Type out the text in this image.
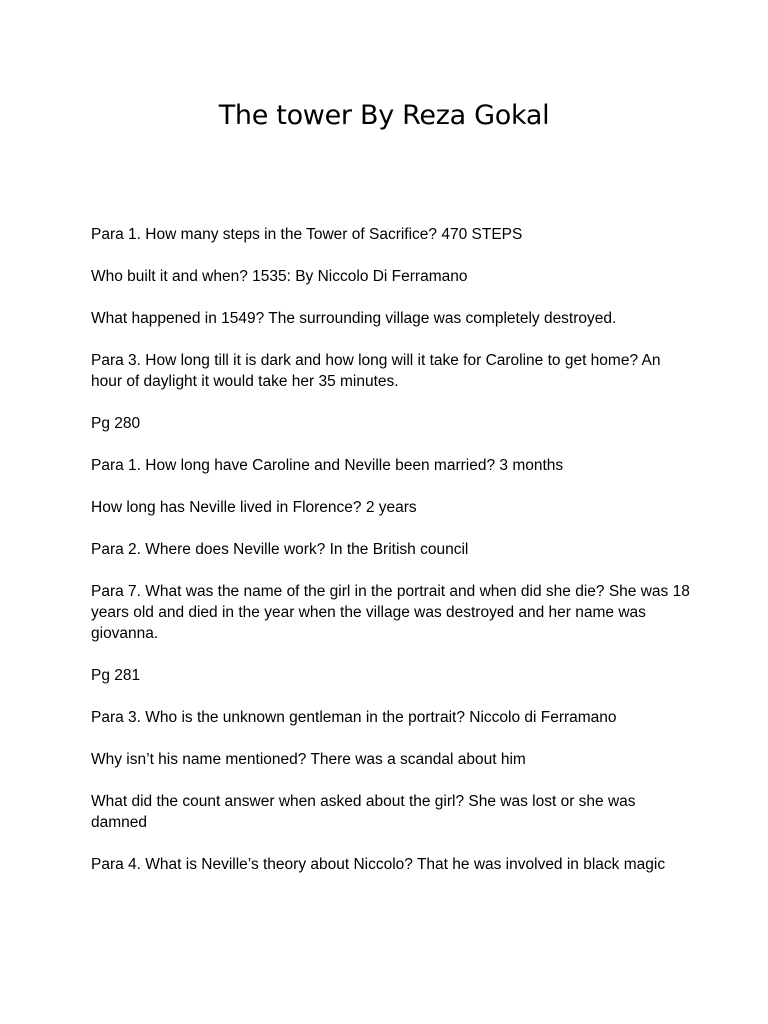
The tower By Reza Gokal

Para 1. How many steps in the Tower of Sacrifice? 470 STEPS

Who built it and when? 1535: By Niccolo Di Ferramano

What happened in 1549? The surrounding village was completely destroyed.

Para 3. How long till it is dark and how long will it take for Caroline to get home? An hour of daylight it would take her 35 minutes.

Pg 280

Para 1. How long have Caroline and Neville been married? 3 months

How long has Neville lived in Florence? 2 years

Para 2. Where does Neville work? In the British council

Para 7. What was the name of the girl in the portrait and when did she die? She was 18 years old and died in the year when the village was destroyed and her name was giovanna.

Pg 281

Para 3. Who is the unknown gentleman in the portrait? Niccolo di Ferramano

Why isn’t his name mentioned? There was a scandal about him

What did the count answer when asked about the girl? She was lost or she was damned

Para 4. What is Neville’s theory about Niccolo? That he was involved in black magic
